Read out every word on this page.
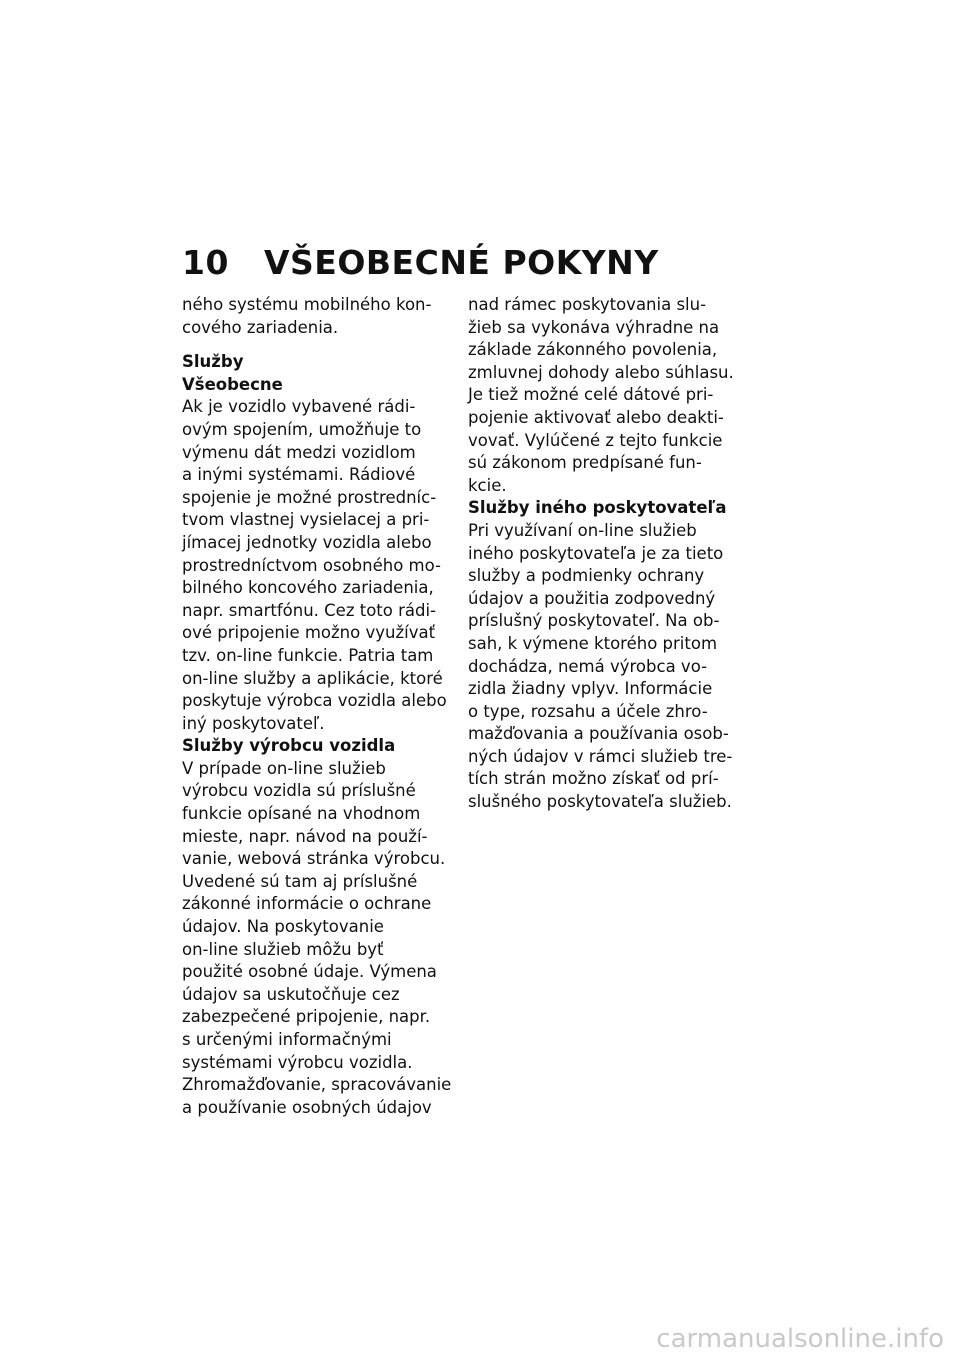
10 VŠEOBECNÉ POKYNY

ného systému mobilného kon-
cového zariadenia.

Služby
Všeobecne

Ak je vozidlo vybavené rádi-
ovým spojením, umožňuje to
výmenu dát medzi vozidlom
a inými systémami. Rádiové
spojenie je možné prostredníc-
tvom vlastnej vysielacej a pri-
jímacej jednotky vozidla alebo
prostredníctvom osobného mo-
bilného koncového zariadenia,
napr. smartfónu. Cez toto rádi-
ové pripojenie možno využívať
tzv. on-line funkcie. Patria tam
on-line služby a aplikácie, ktoré
poskytuje výrobca vozidla alebo
iný poskytovateľ.

Služby výrobcu vozidla

V prípade on-line služieb
výrobcu vozidla sú príslušné
funkcie opísané na vhodnom
mieste, napr. návod na použí-
vanie, webová stránka výrobcu.
Uvedené sú tam aj príslušné
zákonné informácie o ochrane
údajov. Na poskytovanie
on-line služieb môžu byť
použité osobné údaje. Výmena
údajov sa uskutočňuje cez
zabezpečené pripojenie, napr.
s určenými informačnými
systémami výrobcu vozidla.
Zhromažďovanie, spracovávanie
a používanie osobných údajov

nad rámec poskytovania slu-
žieb sa vykonáva výhradne na
základe zákonného povolenia,
zmluvnej dohody alebo súhlasu.
Je tiež možné celé dátové pri-
pojenie aktivovať alebo deakti-
vovať. Vylúčené z tejto funkcie
sú zákonom predpísané fun-
kcie.

Služby iného poskytovateľa

Pri využívaní on-line služieb
iného poskytovateľa je za tieto
služby a podmienky ochrany
údajov a použitia zodpovedný
príslušný poskytovateľ. Na ob-
sah, k výmene ktorého pritom
dochádza, nemá výrobca vo-
zidla žiadny vplyv. Informácie
o type, rozsahu a účele zhro-
mažďovania a používania osob-
ných údajov v rámci služieb tre-
tích strán možno získať od prí-
slušného poskytovateľa služieb.

carmanualsonline.info
